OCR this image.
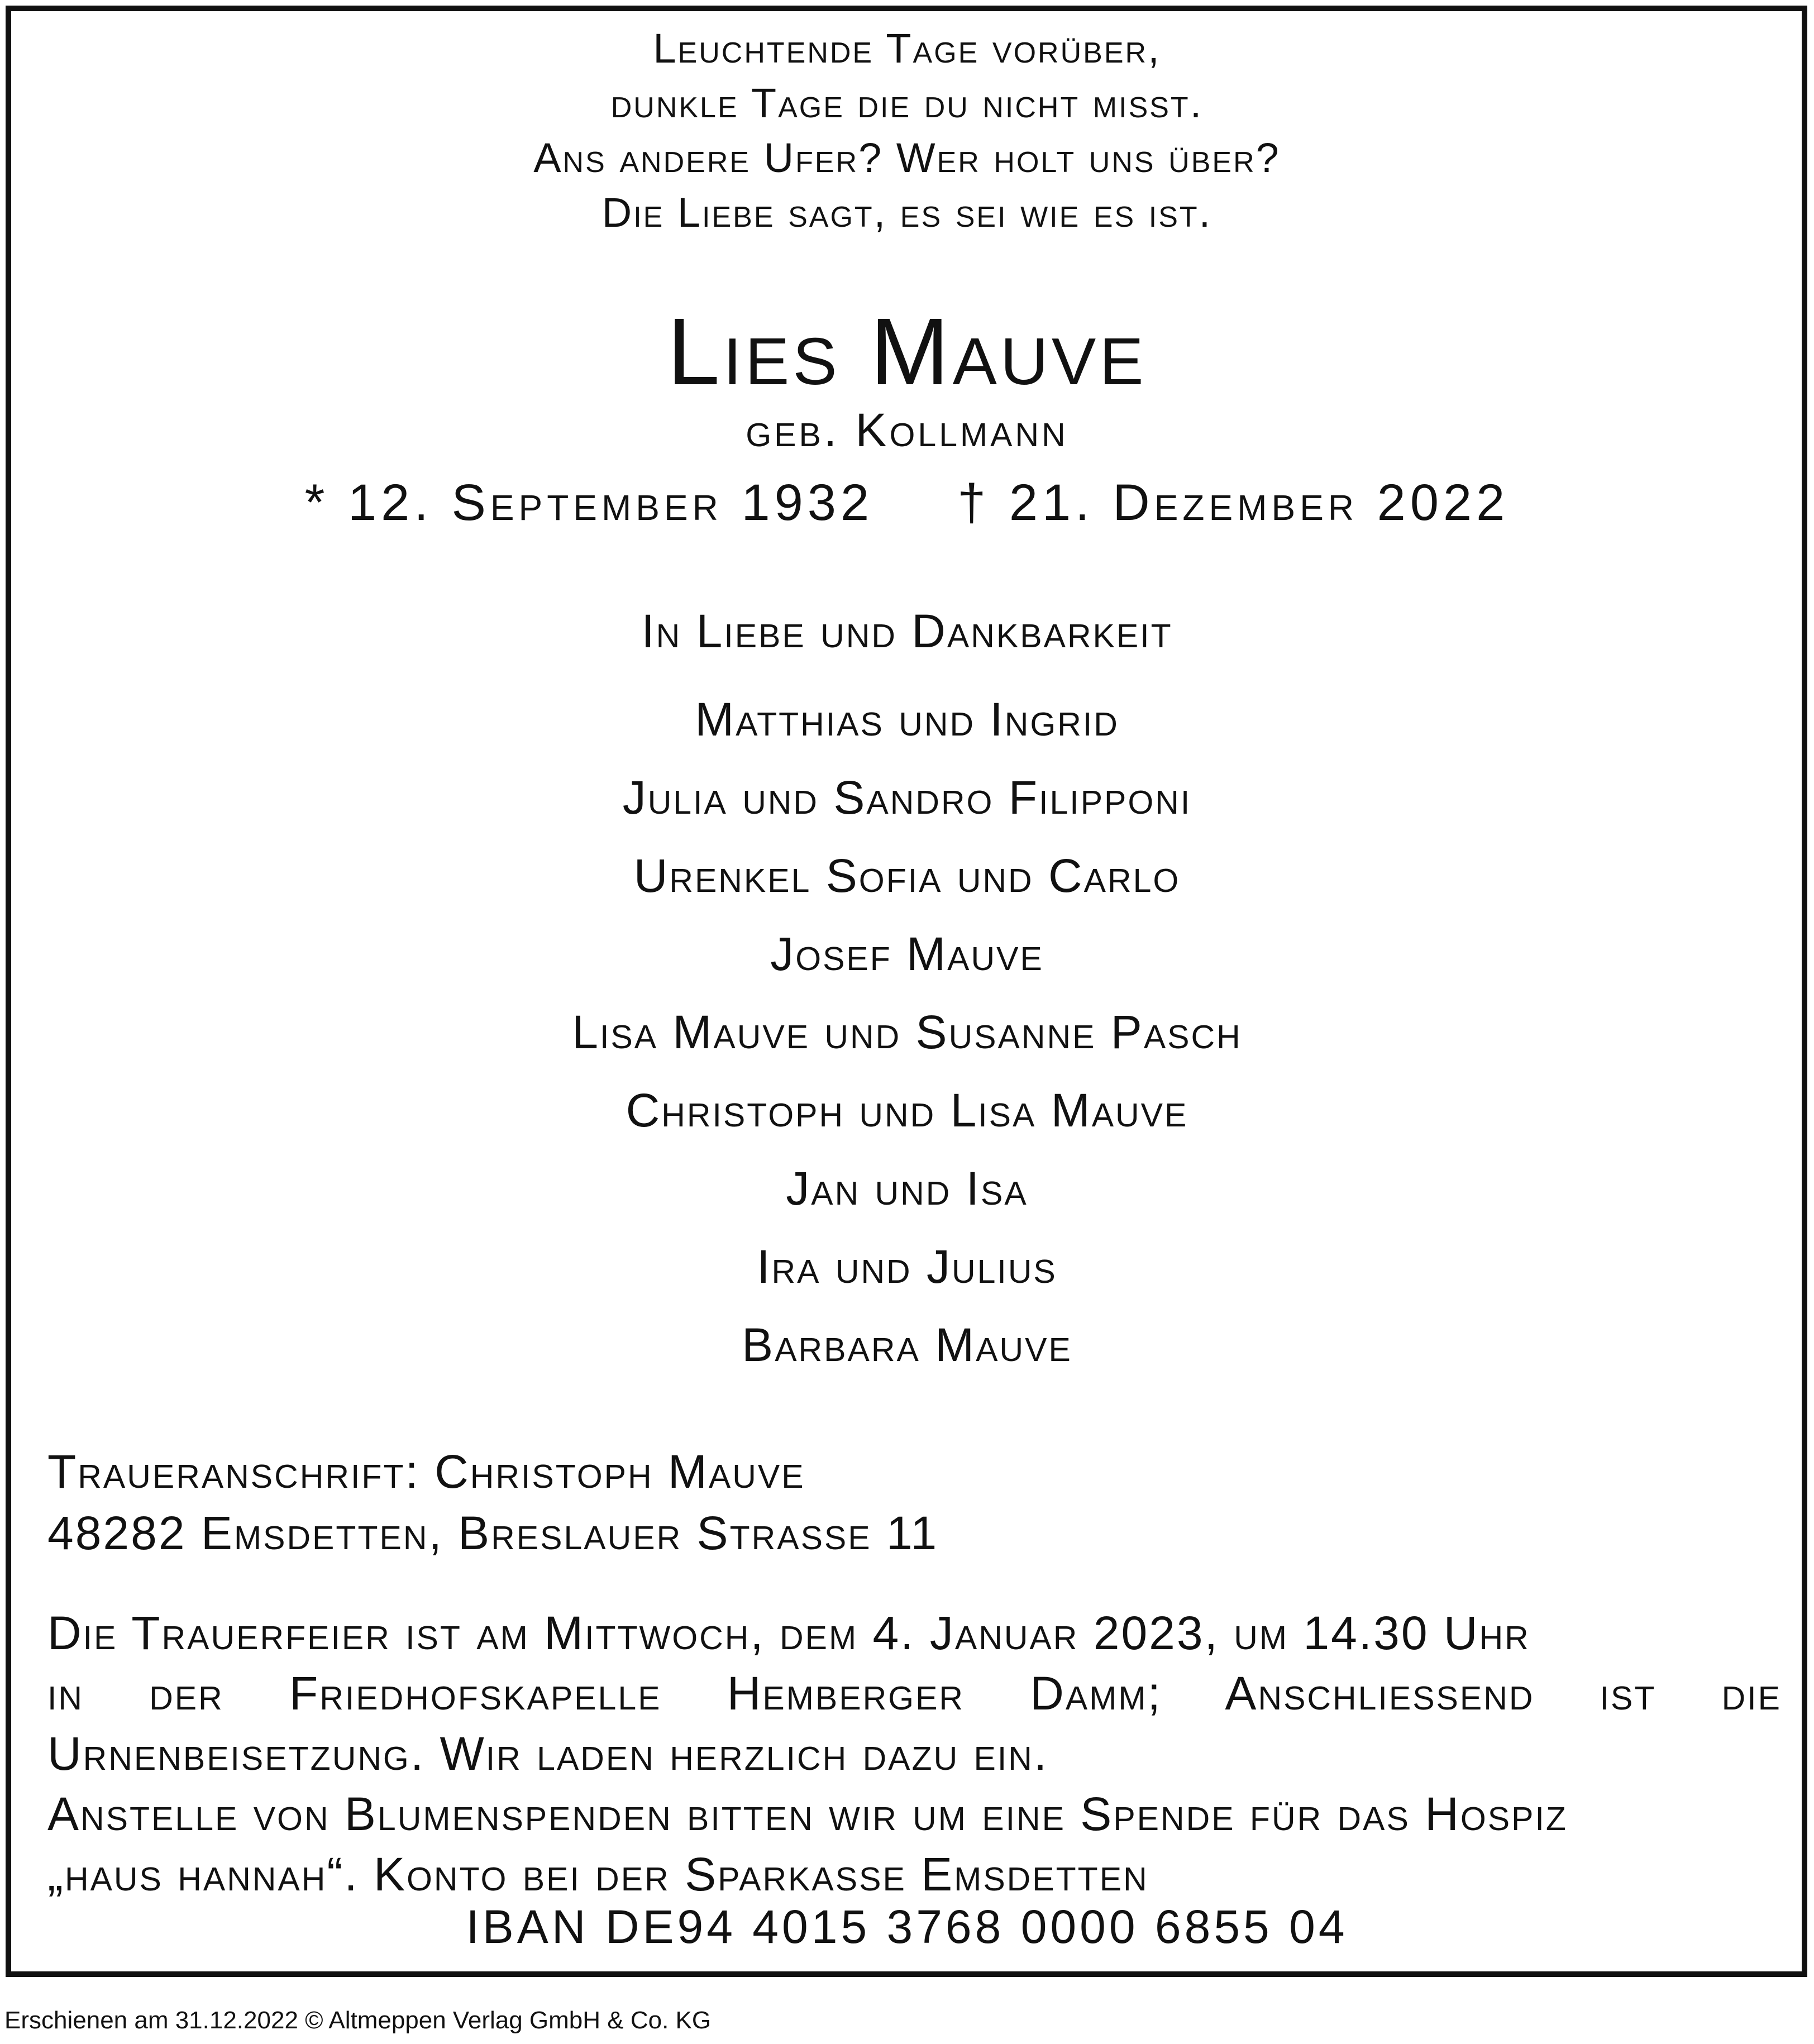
Leuchtende Tage vorüber,
dunkle Tage die du nicht misst.
Ans andere Ufer? Wer holt uns über?
Die Liebe sagt, es sei wie es ist.
Lies Mauve
geb. Kollmann
* 12. September 1932 † 21. Dezember 2022
In Liebe und Dankbarkeit
Matthias und Ingrid
Julia und Sandro Filipponi
Urenkel Sofia und Carlo
Josef Mauve
Lisa Mauve und Susanne Pasch
Christoph und Lisa Mauve
Jan und Isa
Ira und Julius
Barbara Mauve
Traueranschrift: Christoph Mauve
48282 Emsdetten, Breslauer Strasse 11
Die Trauerfeier ist am Mittwoch, dem 4. Januar 2023, um 14.30 Uhr
in der Friedhofskapelle Hemberger Damm; Anschliessend ist die
Urnenbeisetzung. Wir laden herzlich dazu ein.
Anstelle von Blumenspenden bitten wir um eine Spende für das Hospiz
„haus hannah“. Konto bei der Sparkasse Emsdetten
IBAN DE94 4015 3768 0000 6855 04
Erschienen am 31.12.2022 © Altmeppen Verlag GmbH & Co. KG
